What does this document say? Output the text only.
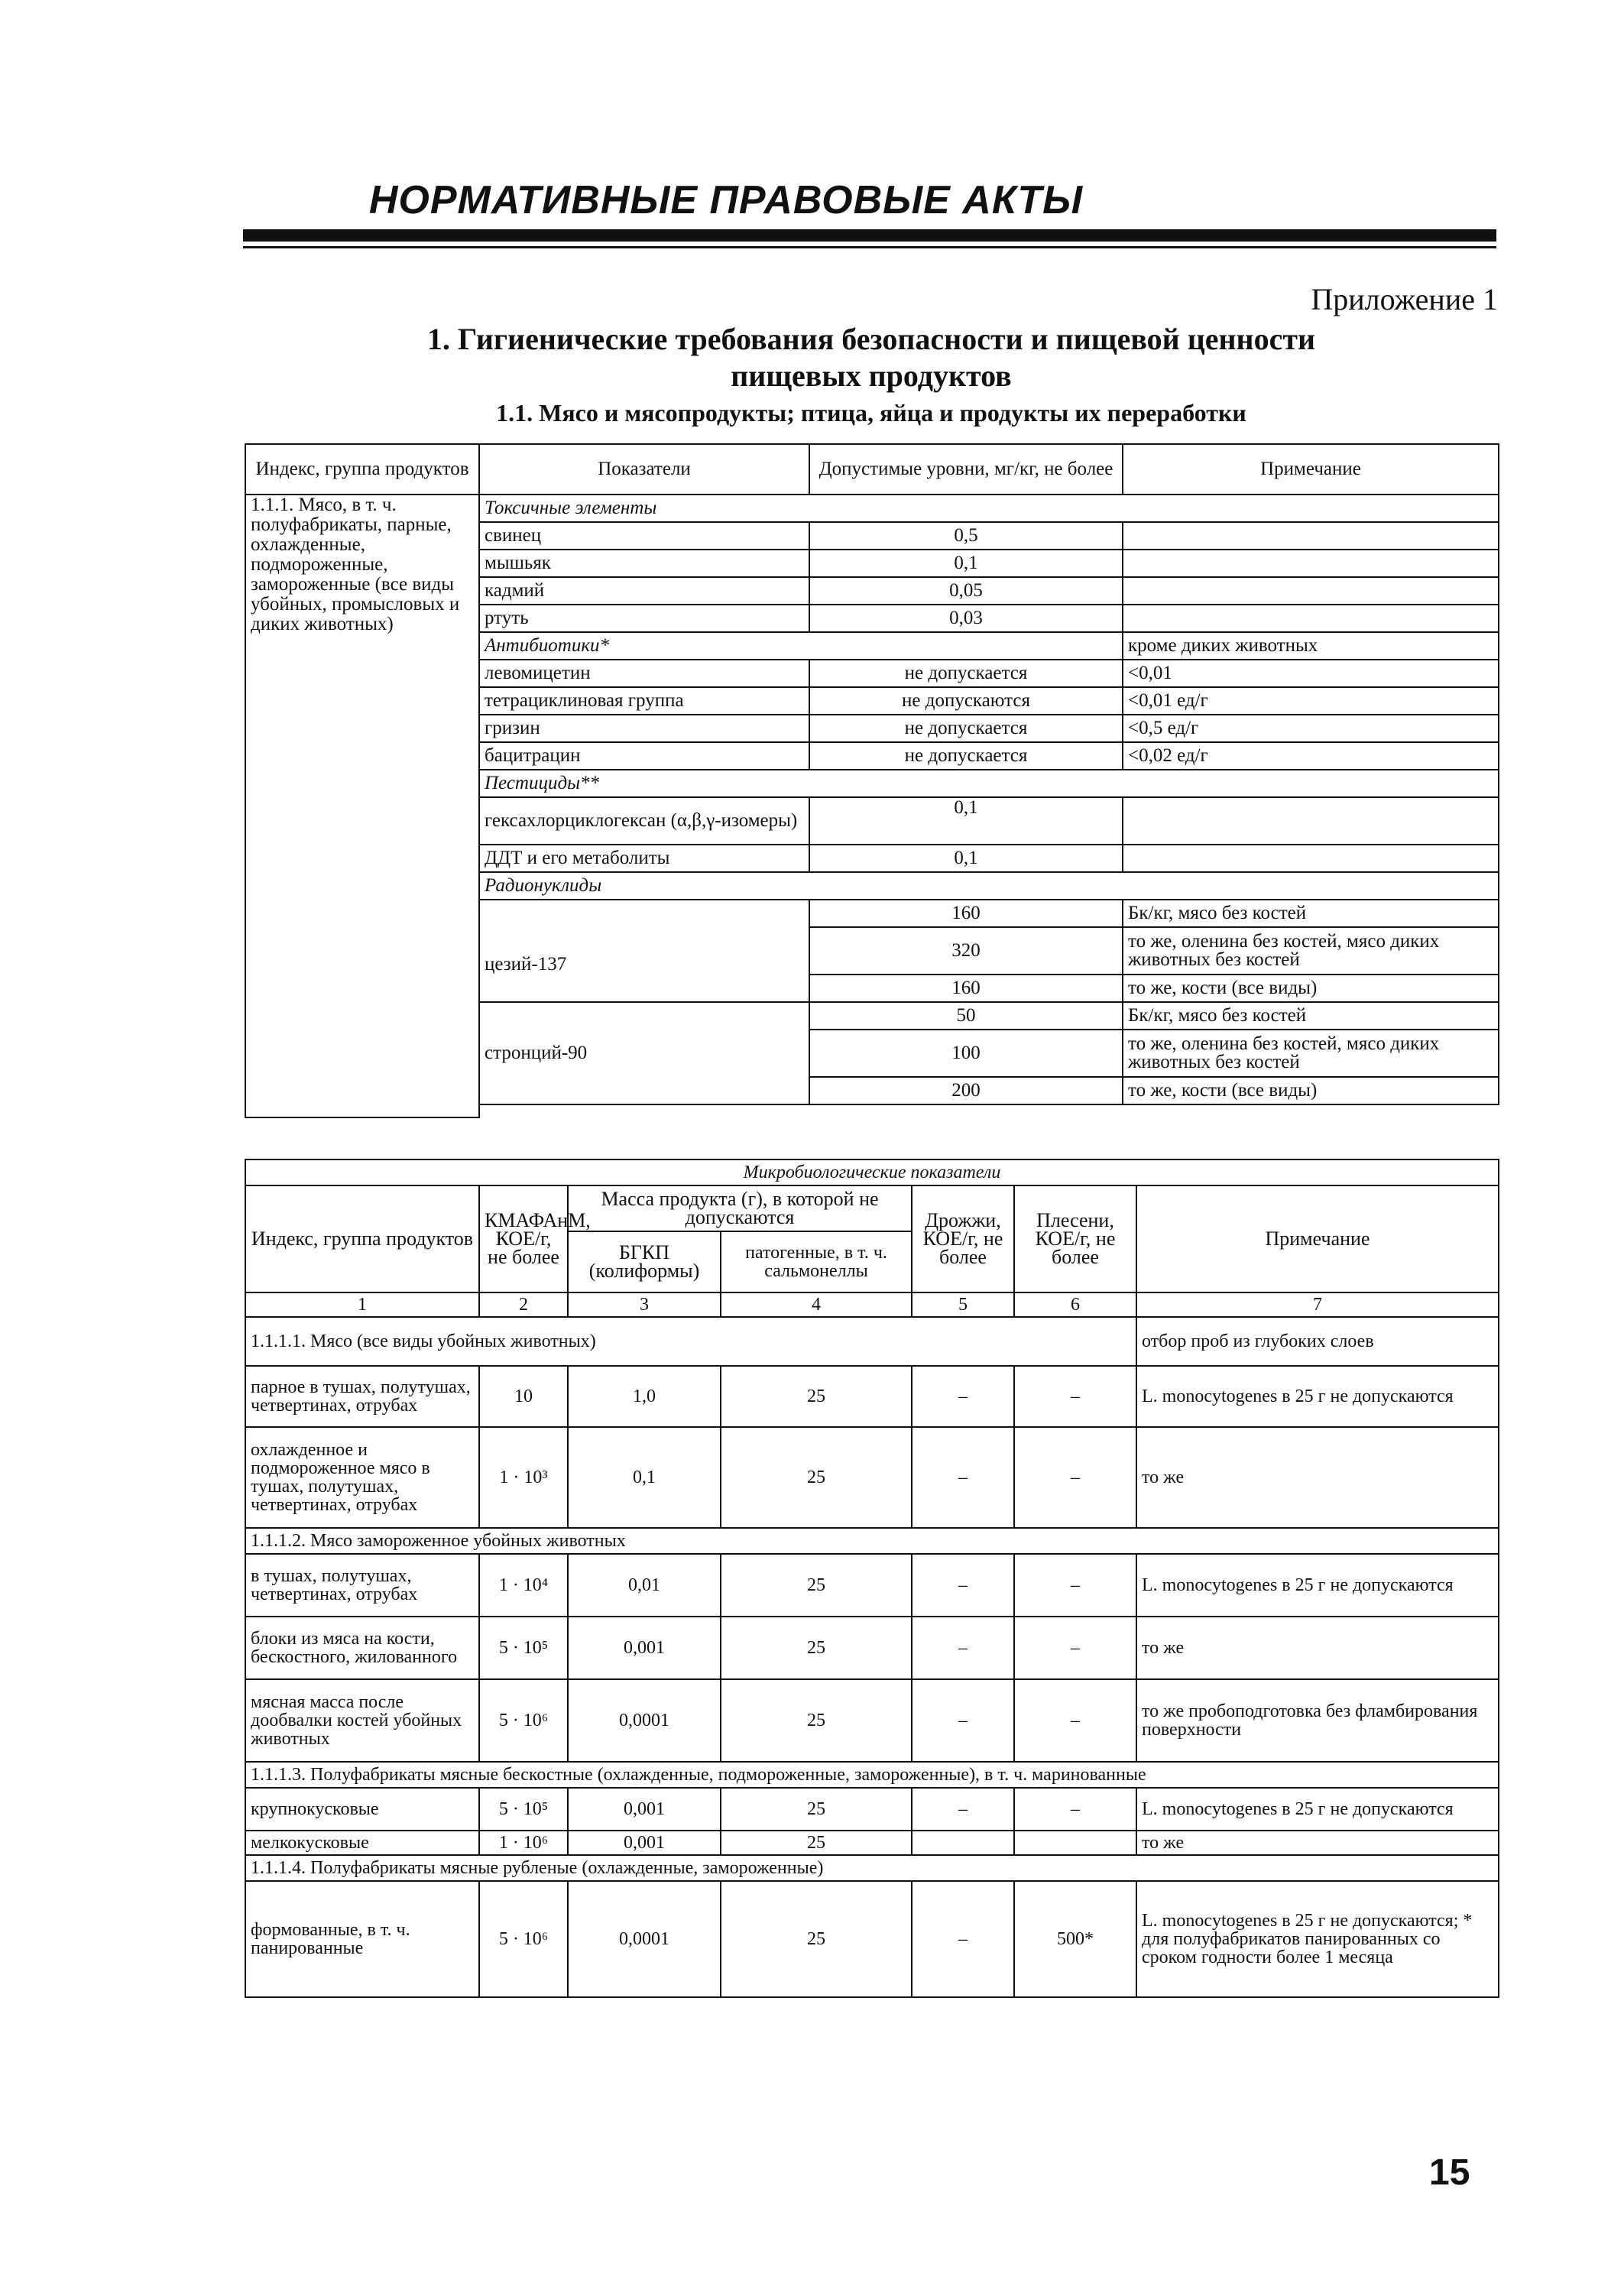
НОРМАТИВНЫЕ ПРАВОВЫЕ АКТЫ
Приложение 1
1. Гигиенические требования безопасности и пищевой ценности
пищевых продуктов
1.1. Мясо и мясопродукты; птица, яйца и продукты их переработки
Индекс, группа продуктов	Показатели	Допустимые уровни, мг/кг, не более	Примечание
1.1.1. Мясо, в т. ч. полуфабрикаты, парные, охлажденные, подмороженные, замороженные (все виды убойных, промысловых и диких животных)	Токсичные элементы		
	свинец	0,5	
	мышьяк	0,1	
	кадмий	0,05	
	ртуть	0,03	
	Антибиотики*		кроме диких животных
	левомицетин	не допускается	<0,01
	тетрациклиновая группа	не допускаются	<0,01 ед/г
	гризин	не допускается	<0,5 ед/г
	бацитрацин	не допускается	<0,02 ед/г
	Пестициды**		
	гексахлорциклогексан (α,β,γ-изомеры)	0,1	
	ДДТ и его метаболиты	0,1	
	Радионуклиды		
		160	Бк/кг, мясо без костей
	цезий-137	320	то же, оленина без костей, мясо диких животных без костей
		160	то же, кости (все виды)
		50	Бк/кг, мясо без костей
	стронций-90	100	то же, оленина без костей, мясо диких животных без костей
		200	то же, кости (все виды)

Микробиологические показатели						
Индекс, группа продуктов	КМАФАнМ, КОЕ/г, не более	Масса продукта (г), в которой не допускаются		Дрожжи, КОЕ/г, не более	Плесени, КОЕ/г, не более	Примечание
		БГКП (колиформы)	патогенные, в т. ч. сальмонеллы			
1	2	3	4	5	6	7
1.1.1.1. Мясо (все виды убойных животных)						отбор проб из глубоких слоев
парное в тушах, полутушах, четвертинах, отрубах	10	1,0	25	–	–	L. monocytogenes в 25 г не допускаются
охлажденное и подмороженное мясо в тушах, полутушах, четвертинах, отрубах	1 · 10³	0,1	25	–	–	то же
1.1.1.2. Мясо замороженное убойных животных						
в тушах, полутушах, четвертинах, отрубах	1 · 10⁴	0,01	25	–	–	L. monocytogenes в 25 г не допускаются
блоки из мяса на кости, бескостного, жилованного	5 · 10⁵	0,001	25	–	–	то же
мясная масса после дообвалки костей убойных животных	5 · 10⁶	0,0001	25	–	–	то же пробоподготовка без фламбирования поверхности
1.1.1.3. Полуфабрикаты мясные бескостные (охлажденные, подмороженные, замороженные), в т. ч. маринованные						
крупнокусковые	5 · 10⁵	0,001	25	–	–	L. monocytogenes в 25 г не допускаются
мелкокусковые	1 · 10⁶	0,001	25			то же
1.1.1.4. Полуфабрикаты мясные рубленые (охлажденные, замороженные)						
формованные, в т. ч. панированные	5 · 10⁶	0,0001	25	–	500*	L. monocytogenes в 25 г не допускаются; * для полуфабрикатов панированных со сроком годности более 1 месяца
15
